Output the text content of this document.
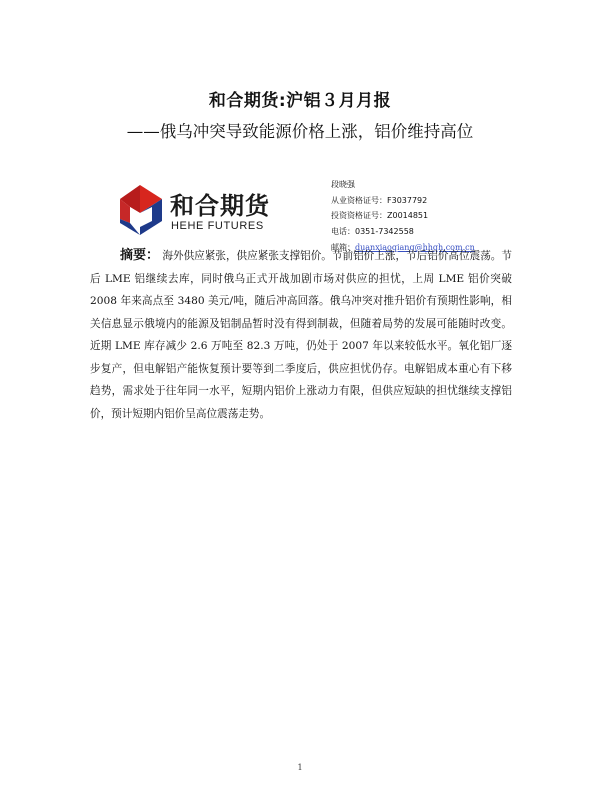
和合期货:沪铝３月月报
——俄乌冲突导致能源价格上涨，铝价维持高位
和合期货
HEHE FUTURES
段晓强
从业资格证号：F3037792
投资资格证号：Z0014851
电话：0351-7342558
邮箱：duanxiaoqiang@hhqh.com.cn
摘要： 海外供应紧张，供应紧张支撑铝价。节前铝价上涨，节后铝价高位震荡。节后 LME 铝继续去库，同时俄乌正式开战加剧市场对供应的担忧，上周 LME 铝价突破 2008 年来高点至 3480 美元/吨，随后冲高回落。俄乌冲突对推升铝价有预期性影响，相关信息显示俄境内的能源及铝制品暂时没有得到制裁，但随着局势的发展可能随时改变。近期 LME 库存减少 2.6 万吨至 82.3 万吨，仍处于 2007 年以来较低水平。氧化铝厂逐步复产，但电解铝产能恢复预计要等到二季度后，供应担忧仍存。电解铝成本重心有下移趋势，需求处于往年同一水平，短期内铝价上涨动力有限，但供应短缺的担忧继续支撑铝价，预计短期内铝价呈高位震荡走势。
1
